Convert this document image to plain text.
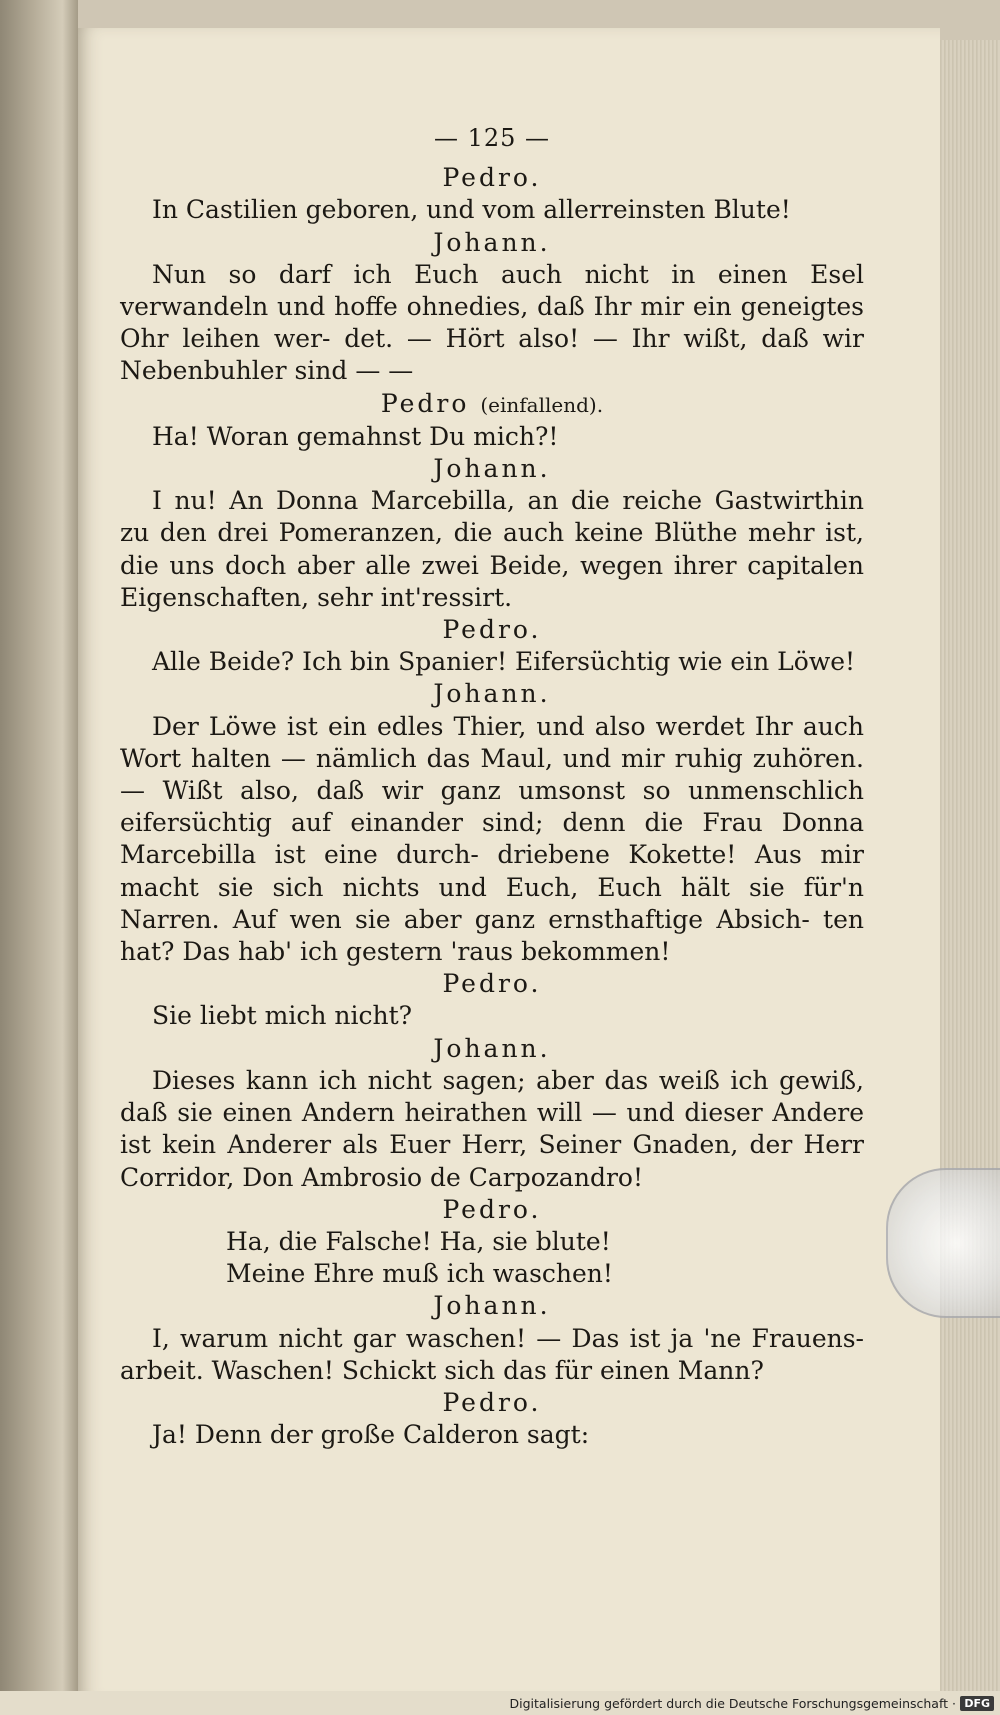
— 125 —
Pedro.
In Castilien geboren, und vom allerreinsten Blute!
Johann.
Nun so darf ich Euch auch nicht in einen Esel verwandeln und hoffe ohnedies, daß Ihr mir ein geneigtes Ohr leihen wer- det. — Hört also! — Ihr wißt, daß wir Nebenbuhler sind — —
Pedro (einfallend).
Ha! Woran gemahnst Du mich?!
Johann.
I nu! An Donna Marcebilla, an die reiche Gastwirthin zu den drei Pomeranzen, die auch keine Blüthe mehr ist, die uns doch aber alle zwei Beide, wegen ihrer capitalen Eigenschaften, sehr int'ressirt.
Pedro.
Alle Beide? Ich bin Spanier! Eifersüchtig wie ein Löwe!
Johann.
Der Löwe ist ein edles Thier, und also werdet Ihr auch Wort halten — nämlich das Maul, und mir ruhig zuhören. — Wißt also, daß wir ganz umsonst so unmenschlich eifersüchtig auf einander sind; denn die Frau Donna Marcebilla ist eine durch- driebene Kokette! Aus mir macht sie sich nichts und Euch, Euch hält sie für'n Narren. Auf wen sie aber ganz ernsthaftige Absich- ten hat? Das hab' ich gestern 'raus bekommen!
Pedro.
Sie liebt mich nicht?
Johann.
Dieses kann ich nicht sagen; aber das weiß ich gewiß, daß sie einen Andern heirathen will — und dieser Andere ist kein Anderer als Euer Herr, Seiner Gnaden, der Herr Corridor, Don Ambrosio de Carpozandro!
Pedro.
Ha, die Falsche! Ha, sie blute!
Meine Ehre muß ich waschen!
Johann.
I, warum nicht gar waschen! — Das ist ja 'ne Frauens- arbeit. Waschen! Schickt sich das für einen Mann?
Pedro.
Ja! Denn der große Calderon sagt:
Digitalisierung gefördert durch die Deutsche Forschungsgemeinschaft · DFG
